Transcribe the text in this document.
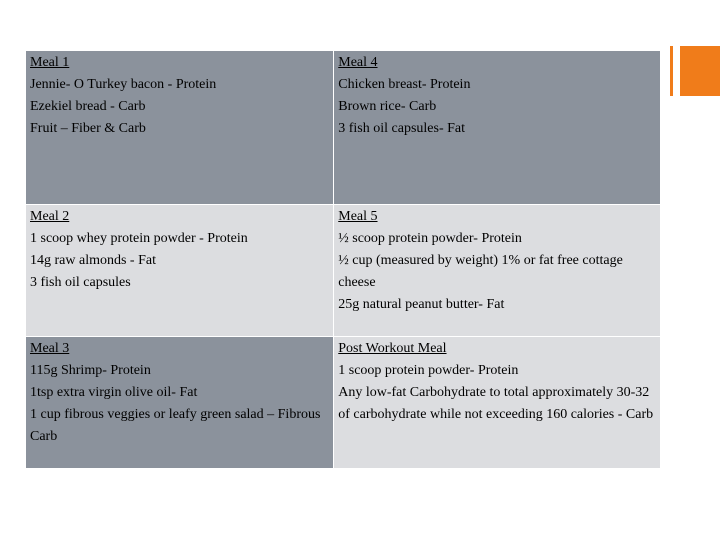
Meal 1
Jennie- O Turkey bacon - Protein
Ezekiel bread - Carb
Fruit – Fiber & Carb	Meal 4
Chicken breast- Protein
Brown rice- Carb
3 fish oil capsules- Fat

Meal 2
1 scoop whey protein powder - Protein
14g raw almonds - Fat
3 fish oil capsules	Meal 5
½ scoop protein powder- Protein
½ cup (measured by weight) 1% or fat free cottage cheese
25g natural peanut butter- Fat

Meal 3
115g Shrimp- Protein
1tsp extra virgin olive oil- Fat
1 cup fibrous veggies or leafy green salad – Fibrous Carb	Post Workout Meal
1 scoop protein powder- Protein
Any low-fat Carbohydrate to total approximately 30-32 of carbohydrate while not exceeding 160 calories - Carb
